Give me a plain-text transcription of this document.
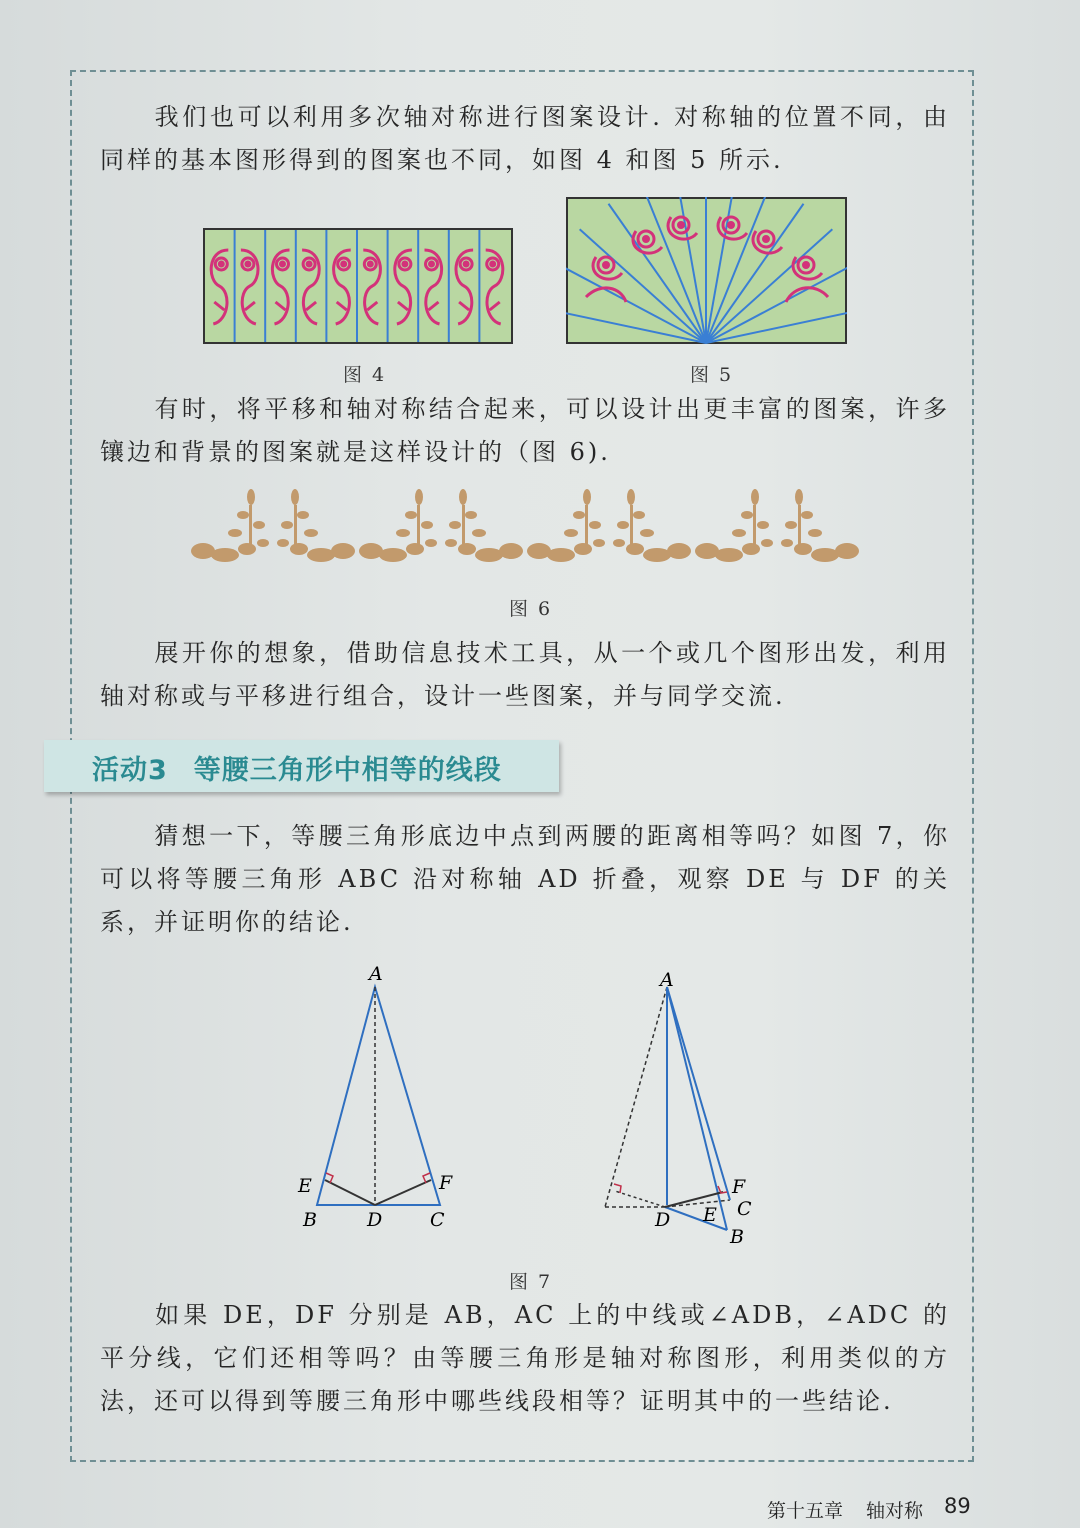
我们也可以利用多次轴对称进行图案设计. 对称轴的位置不同，由同样的基本图形得到的图案也不同，如图 4 和图 5 所示.
图 4	图 5
有时，将平移和轴对称结合起来，可以设计出更丰富的图案，许多镶边和背景的图案就是这样设计的（图 6).
图 6
展开你的想象，借助信息技术工具，从一个或几个图形出发，利用轴对称或与平移进行组合，设计一些图案，并与同学交流.
活动3 等腰三角形中相等的线段
猜想一下，等腰三角形底边中点到两腰的距离相等吗？如图 7，你可以将等腰三角形 ABC 沿对称轴 AD 折叠，观察 DE 与 DF 的关系，并证明你的结论.
A
E	F
B	D	C
A
F
C
E
D
B
图 7
如果 DE，DF 分别是 AB，AC 上的中线或∠ADB，∠ADC 的平分线，它们还相等吗？由等腰三角形是轴对称图形，利用类似的方法，还可以得到等腰三角形中哪些线段相等？证明其中的一些结论.
第十五章 轴对称 89
